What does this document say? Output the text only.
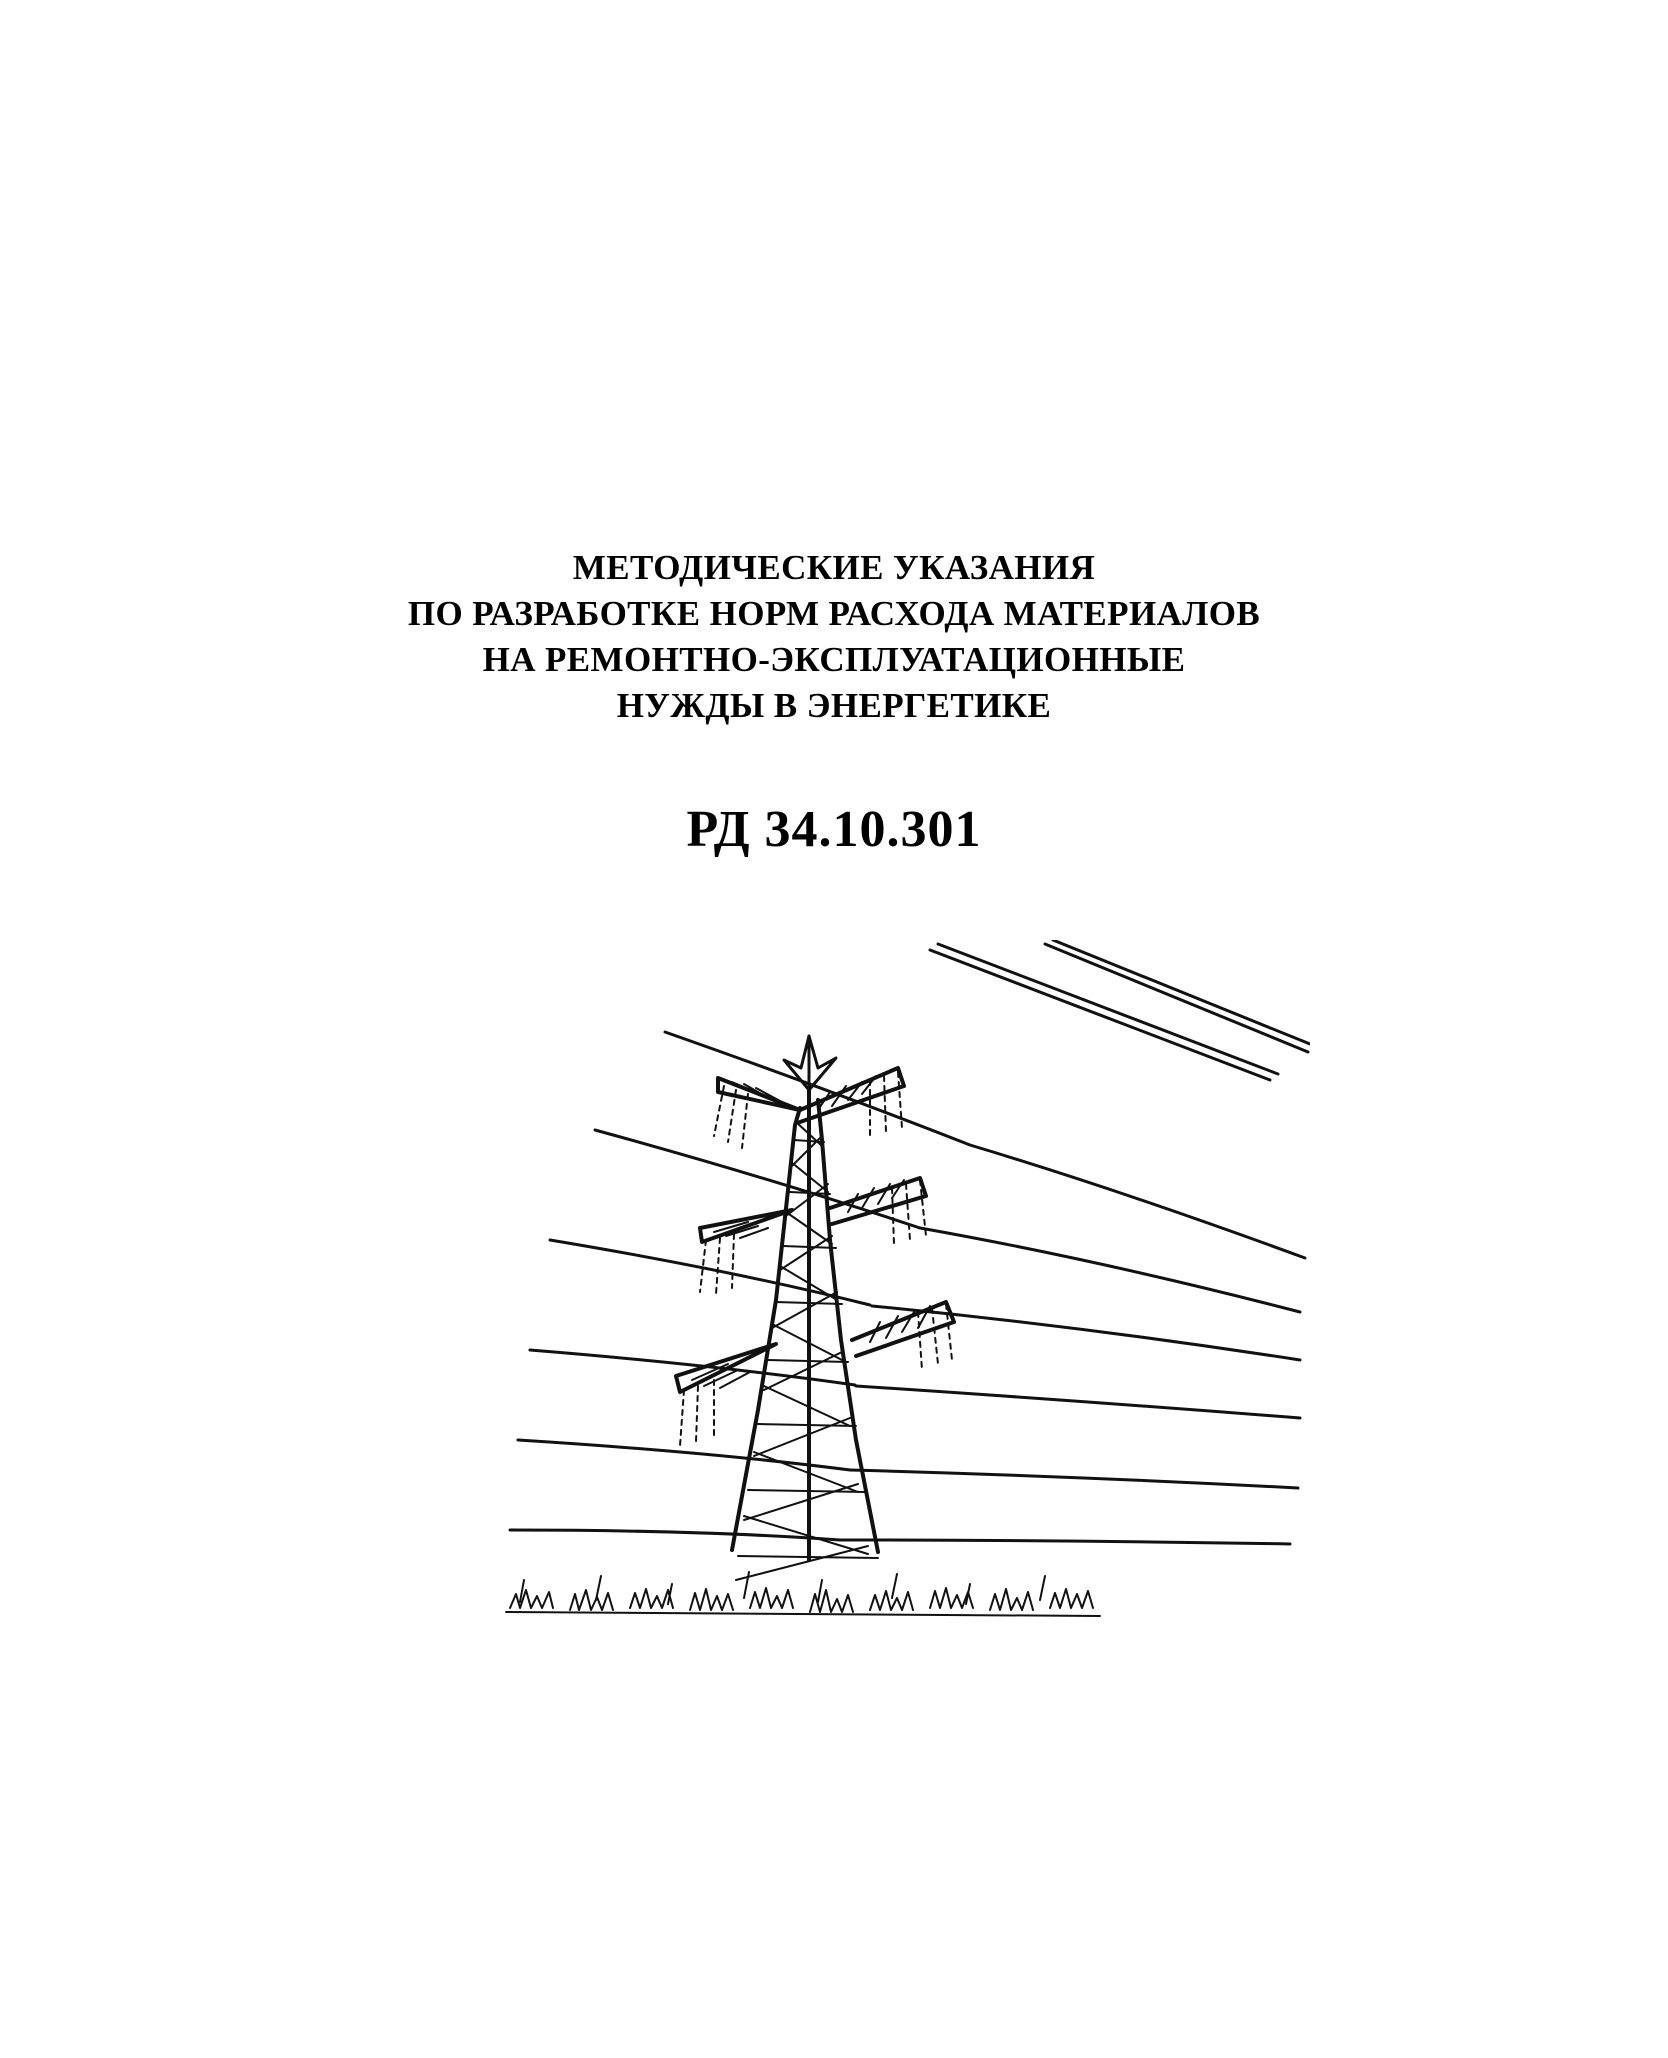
МЕТОДИЧЕСКИЕ УКАЗАНИЯ
ПО РАЗРАБОТКЕ НОРМ РАСХОДА МАТЕРИАЛОВ
НА РЕМОНТНО-ЭКСПЛУАТАЦИОННЫЕ
НУЖДЫ В ЭНЕРГЕТИКЕ
РД 34.10.301
